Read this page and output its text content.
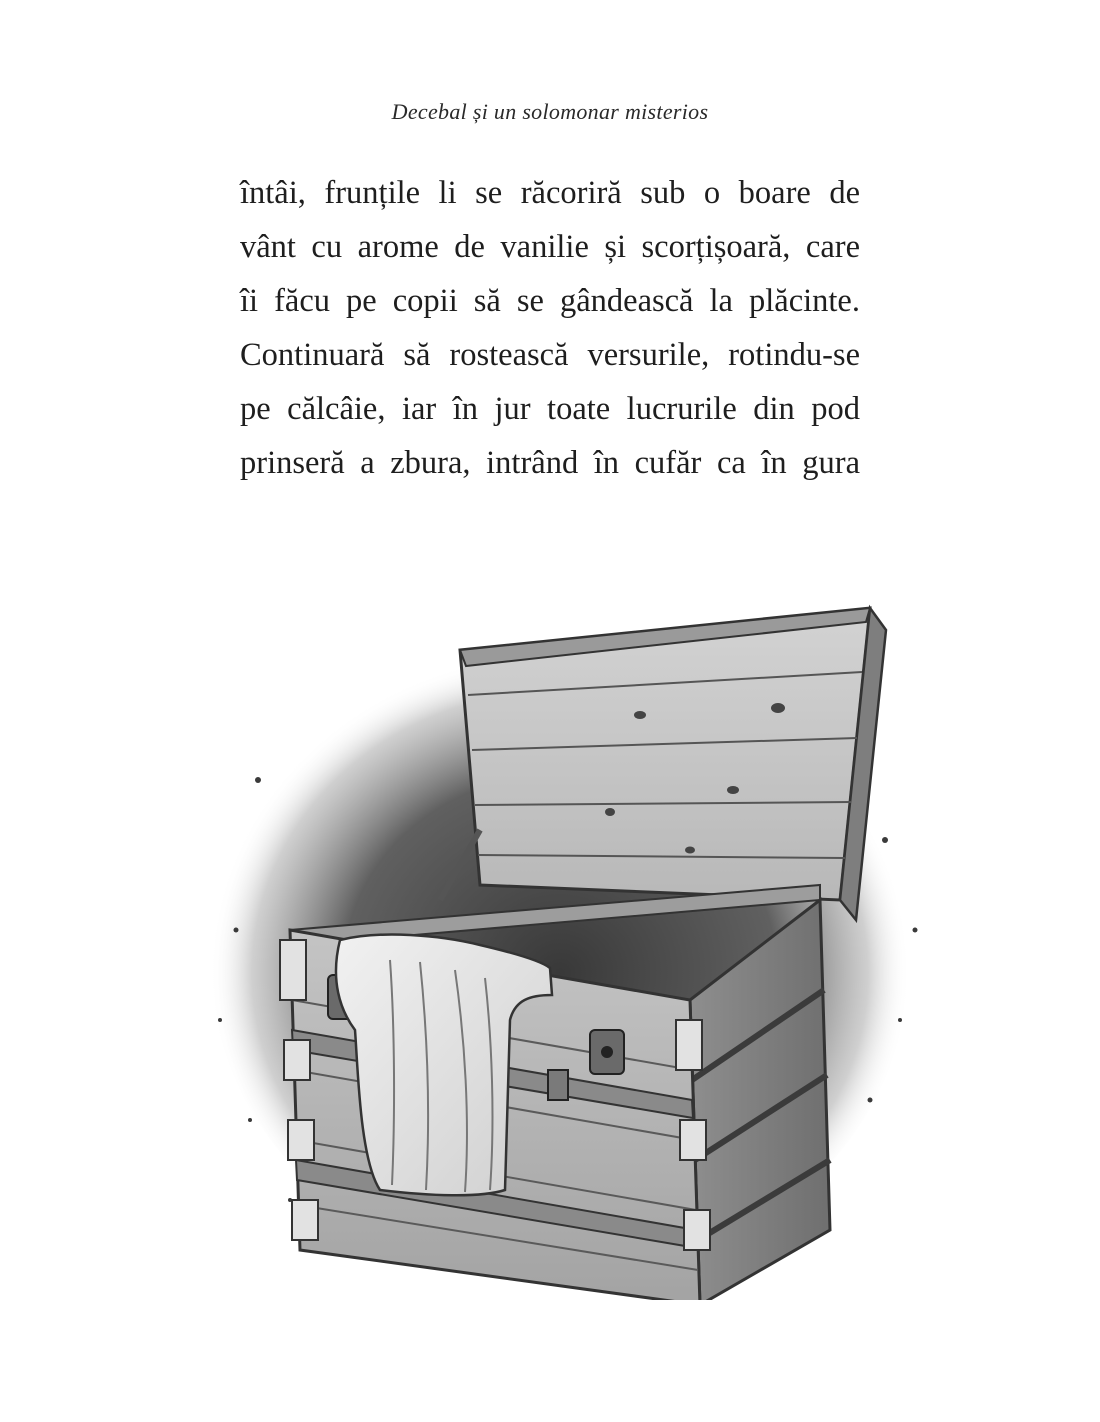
Decebal și un solomonar misterios

întâi, frunțile li se răcoriră sub o boare de
vânt cu arome de vanilie și scorțișoară, care
îi făcu pe copii să se gândească la plăcinte.
Continuară să rostească versurile, rotindu-se
pe călcâie, iar în jur toate lucrurile din pod
prinseră a zbura, intrând în cufăr ca în gura
